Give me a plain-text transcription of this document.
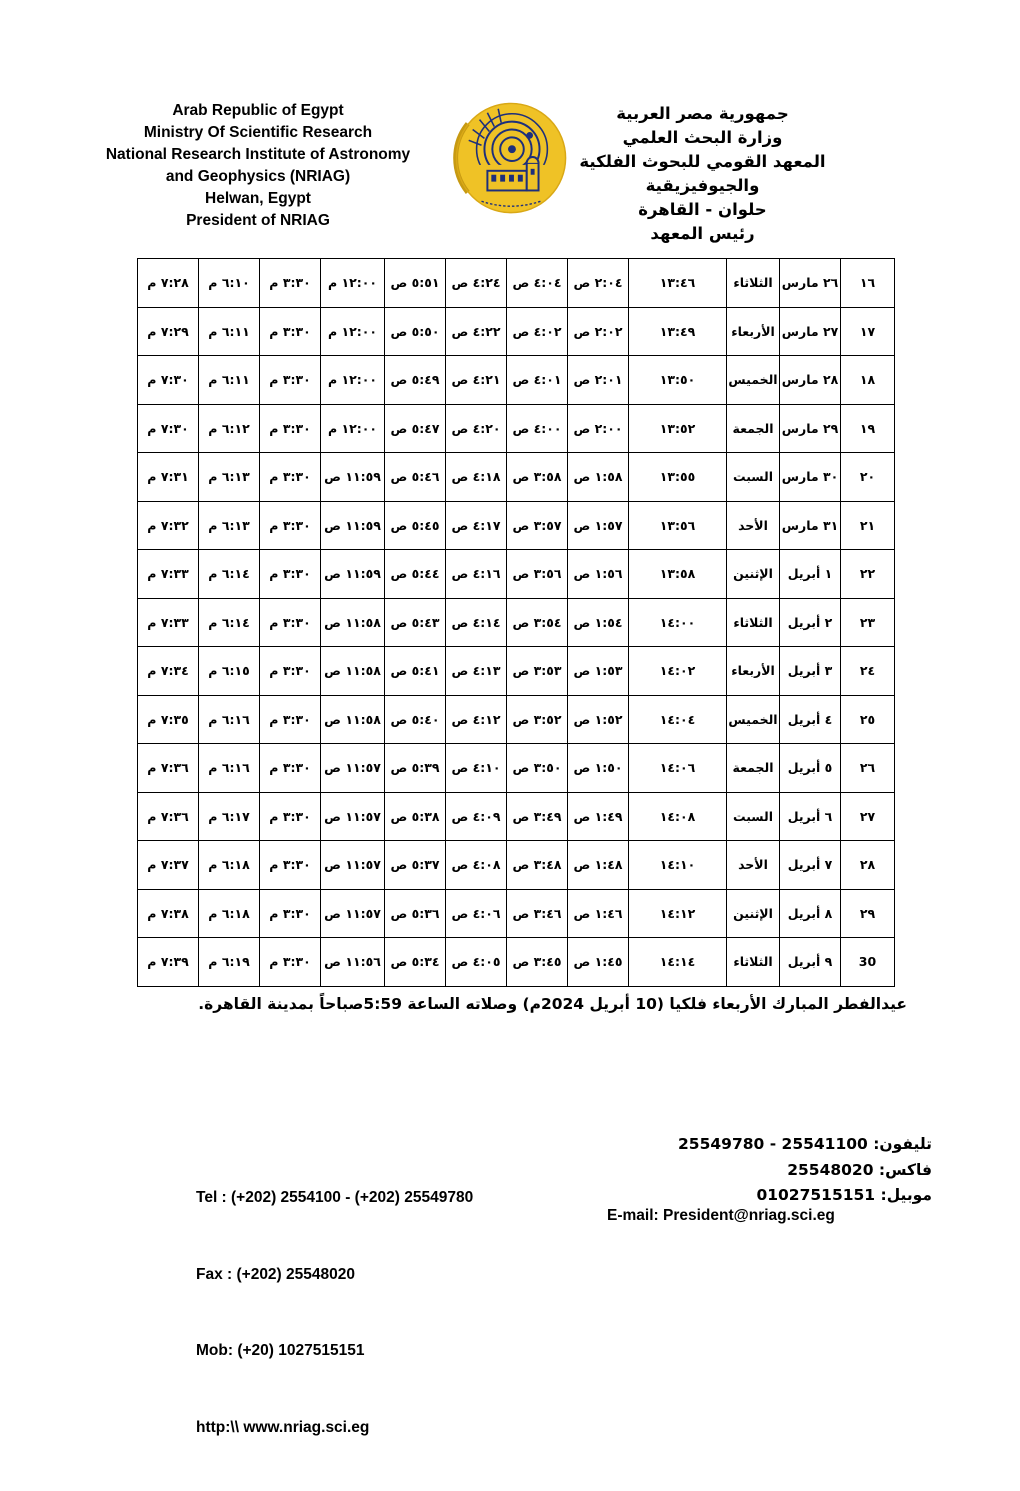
Arab Republic of Egypt
Ministry Of Scientific Research
National Research Institute of Astronomy
and Geophysics (NRIAG)
Helwan, Egypt
President of NRIAG
جمهورية مصر العربية
وزارة البحث العلمي
المعهد القومي للبحوث الفلكية والجيوفيزيقية
حلوان - القاهرة
رئيس المعهد
١٦	٢٦ مارس	الثلاثاء	١٣:٤٦	٢:٠٤ ص	٤:٠٤ ص	٤:٢٤ ص	٥:٥١ ص	١٢:٠٠ م	٣:٣٠ م	٦:١٠ م	٧:٢٨ م
١٧	٢٧ مارس	الأربعاء	١٣:٤٩	٢:٠٢ ص	٤:٠٢ ص	٤:٢٢ ص	٥:٥٠ ص	١٢:٠٠ م	٣:٣٠ م	٦:١١ م	٧:٢٩ م
١٨	٢٨ مارس	الخميس	١٣:٥٠	٢:٠١ ص	٤:٠١ ص	٤:٢١ ص	٥:٤٩ ص	١٢:٠٠ م	٣:٣٠ م	٦:١١ م	٧:٣٠ م
١٩	٢٩ مارس	الجمعة	١٣:٥٢	٢:٠٠ ص	٤:٠٠ ص	٤:٢٠ ص	٥:٤٧ ص	١٢:٠٠ م	٣:٣٠ م	٦:١٢ م	٧:٣٠ م
٢٠	٣٠ مارس	السبت	١٣:٥٥	١:٥٨ ص	٣:٥٨ ص	٤:١٨ ص	٥:٤٦ ص	١١:٥٩ ص	٣:٣٠ م	٦:١٣ م	٧:٣١ م
٢١	٣١ مارس	الأحد	١٣:٥٦	١:٥٧ ص	٣:٥٧ ص	٤:١٧ ص	٥:٤٥ ص	١١:٥٩ ص	٣:٣٠ م	٦:١٣ م	٧:٣٢ م
٢٢	١ أبريل	الإثنين	١٣:٥٨	١:٥٦ ص	٣:٥٦ ص	٤:١٦ ص	٥:٤٤ ص	١١:٥٩ ص	٣:٣٠ م	٦:١٤ م	٧:٣٣ م
٢٣	٢ أبريل	الثلاثاء	١٤:٠٠	١:٥٤ ص	٣:٥٤ ص	٤:١٤ ص	٥:٤٣ ص	١١:٥٨ ص	٣:٣٠ م	٦:١٤ م	٧:٣٣ م
٢٤	٣ أبريل	الأربعاء	١٤:٠٢	١:٥٣ ص	٣:٥٣ ص	٤:١٣ ص	٥:٤١ ص	١١:٥٨ ص	٣:٣٠ م	٦:١٥ م	٧:٣٤ م
٢٥	٤ أبريل	الخميس	١٤:٠٤	١:٥٢ ص	٣:٥٢ ص	٤:١٢ ص	٥:٤٠ ص	١١:٥٨ ص	٣:٣٠ م	٦:١٦ م	٧:٣٥ م
٢٦	٥ أبريل	الجمعة	١٤:٠٦	١:٥٠ ص	٣:٥٠ ص	٤:١٠ ص	٥:٣٩ ص	١١:٥٧ ص	٣:٣٠ م	٦:١٦ م	٧:٣٦ م
٢٧	٦ أبريل	السبت	١٤:٠٨	١:٤٩ ص	٣:٤٩ ص	٤:٠٩ ص	٥:٣٨ ص	١١:٥٧ ص	٣:٣٠ م	٦:١٧ م	٧:٣٦ م
٢٨	٧ أبريل	الأحد	١٤:١٠	١:٤٨ ص	٣:٤٨ ص	٤:٠٨ ص	٥:٣٧ ص	١١:٥٧ ص	٣:٣٠ م	٦:١٨ م	٧:٣٧ م
٢٩	٨ أبريل	الإثنين	١٤:١٢	١:٤٦ ص	٣:٤٦ ص	٤:٠٦ ص	٥:٣٦ ص	١١:٥٧ ص	٣:٣٠ م	٦:١٨ م	٧:٣٨ م
30	٩ أبريل	الثلاثاء	١٤:١٤	١:٤٥ ص	٣:٤٥ ص	٤:٠٥ ص	٥:٣٤ ص	١١:٥٦ ص	٣:٣٠ م	٦:١٩ م	٧:٣٩ م
عيدالفطر المبارك الأربعاء فلكيا (10 أبريل 2024م) وصلاته الساعة 5:59صباحاً بمدينة القاهرة.

Tel : (+202) 2554100 - (+202) 25549780

Fax : (+202) 25548020

Mob: (+20) 1027515151

http:\\ www.nriag.sci.eg

تليفون: 25541100 - 25549780
فاكس: 25548020
موبيل: 01027515151
E-mail: President@nriag.sci.eg
